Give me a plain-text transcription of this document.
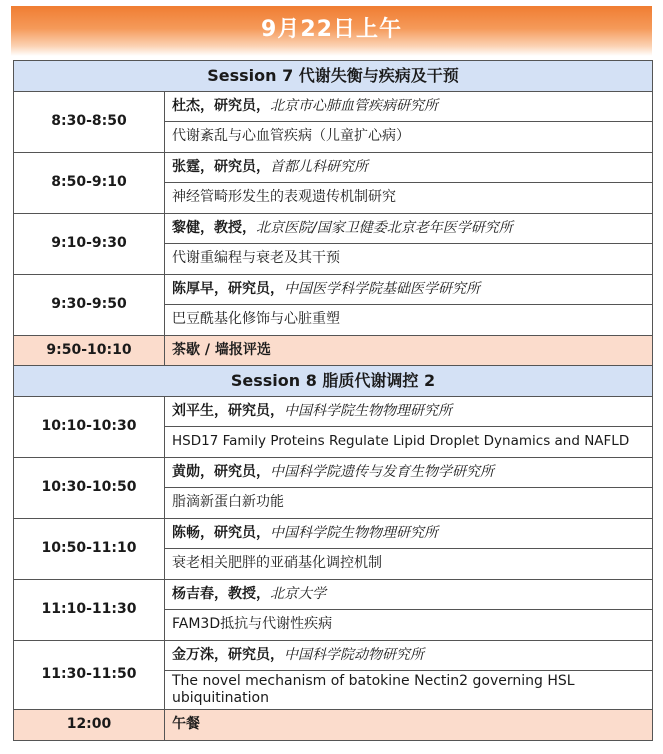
9月22日上午
Session 7 代谢失衡与疾病及干预	
8:30-8:50	杜杰，研究员，北京市心肺血管疾病研究所
	代谢紊乱与心血管疾病（儿童扩心病）
8:50-9:10	张霆，研究员，首都儿科研究所
	神经管畸形发生的表观遗传机制研究
9:10-9:30	黎健，教授，北京医院/国家卫健委北京老年医学研究所
	代谢重编程与衰老及其干预
9:30-9:50	陈厚早，研究员，中国医学科学院基础医学研究所
	巴豆酰基化修饰与心脏重塑
9:50-10:10	茶歇 / 墙报评选
Session 8 脂质代谢调控 2	
10:10-10:30	刘平生，研究员，中国科学院生物物理研究所
	HSD17 Family Proteins Regulate Lipid Droplet Dynamics and NAFLD
10:30-10:50	黄勋，研究员，中国科学院遗传与发育生物学研究所
	脂滴新蛋白新功能
10:50-11:10	陈畅，研究员，中国科学院生物物理研究所
	衰老相关肥胖的亚硝基化调控机制
11:10-11:30	杨吉春，教授，北京大学
	FAM3D抵抗与代谢性疾病
11:30-11:50	金万洙，研究员，中国科学院动物研究所
	The novel mechanism of batokine Nectin2 governing HSL ubiquitination
12:00	午餐
